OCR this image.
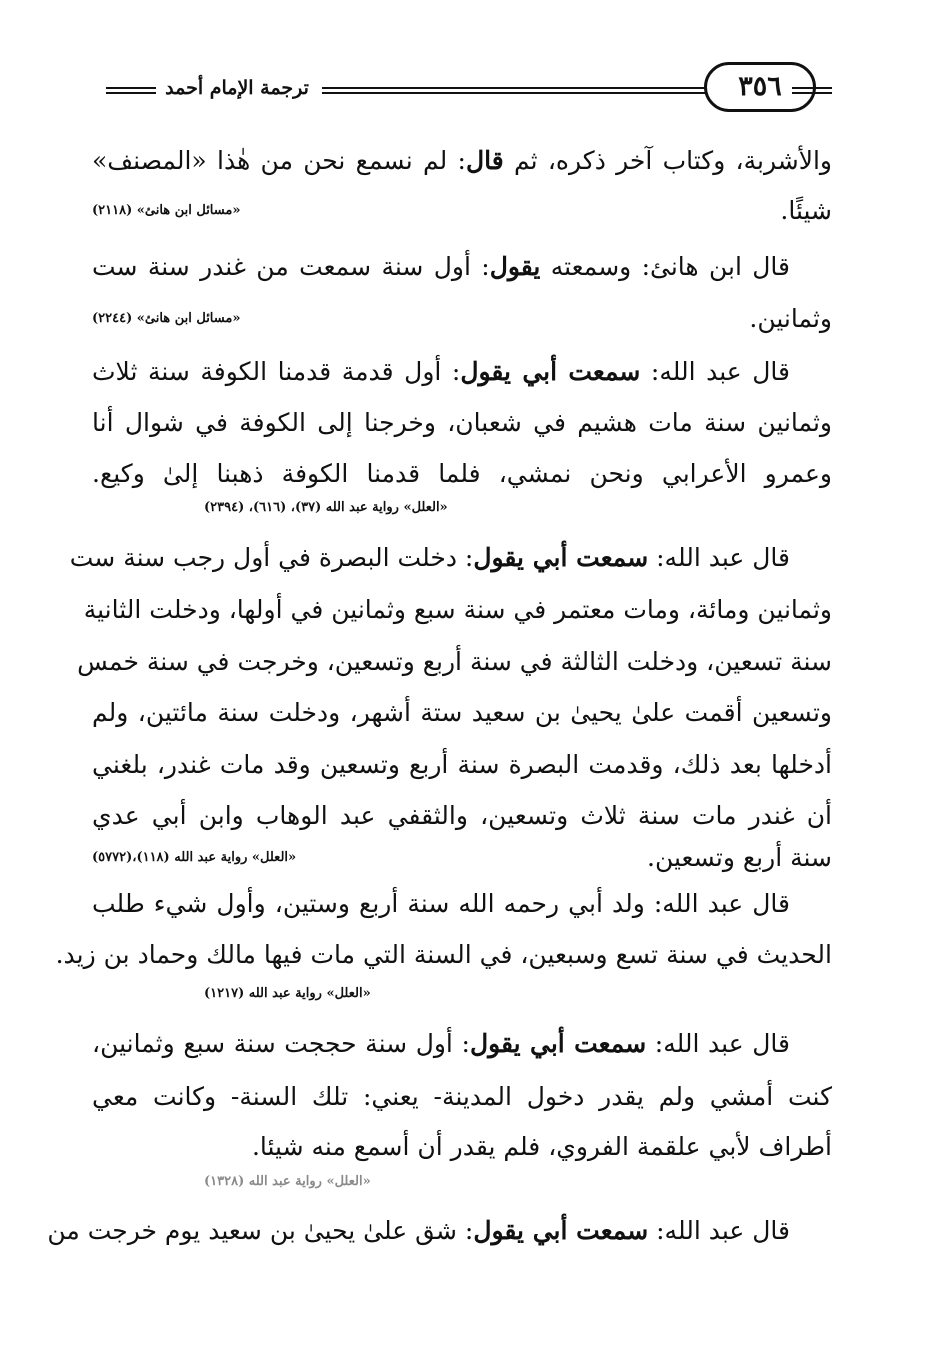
ترجمة الإمام أحمد	٣٥٦
والأشربة، وكتاب آخر ذكره، ثم قال: لم نسمع نحن من هٰذا «المصنف»
شيئًا.
«مسائل ابن هانئ» (٢١١٨)
قال ابن هانئ: وسمعته يقول: أول سنة سمعت من غندر سنة ست
وثمانين.
«مسائل ابن هانئ» (٢٢٤٤)
قال عبد الله: سمعت أبي يقول: أول قدمة قدمنا الكوفة سنة ثلاث
وثمانين سنة مات هشيم في شعبان، وخرجنا إلى الكوفة في شوال أنا
وعمرو الأعرابي ونحن نمشي، فلما قدمنا الكوفة ذهبنا إلىٰ وكيع.
«العلل» رواية عبد الله (٣٧)، (٦١٦)، (٢٣٩٤)
قال عبد الله: سمعت أبي يقول: دخلت البصرة في أول رجب سنة ست
وثمانين ومائة، ومات معتمر في سنة سبع وثمانين في أولها، ودخلت الثانية
سنة تسعين، ودخلت الثالثة في سنة أربع وتسعين، وخرجت في سنة خمس
وتسعين أقمت علىٰ يحيىٰ بن سعيد ستة أشهر، ودخلت سنة مائتين، ولم
أدخلها بعد ذلك، وقدمت البصرة سنة أربع وتسعين وقد مات غندر، بلغني
أن غندر مات سنة ثلاث وتسعين، والثقفي عبد الوهاب وابن أبي عدي
سنة أربع وتسعين.
«العلل» رواية عبد الله (١١٨)،(٥٧٧٢)
قال عبد الله: ولد أبي رحمه الله سنة أربع وستين، وأول شيء طلب
الحديث في سنة تسع وسبعين، في السنة التي مات فيها مالك وحماد بن زيد.
«العلل» رواية عبد الله (١٢١٧)
قال عبد الله: سمعت أبي يقول: أول سنة حججت سنة سبع وثمانين،
كنت أمشي ولم يقدر دخول المدينة- يعني: تلك السنة- وكانت معي
أطراف لأبي علقمة الفروي، فلم يقدر أن أسمع منه شيئا.
«العلل» رواية عبد الله (١٣٢٨)
قال عبد الله: سمعت أبي يقول: شق علىٰ يحيىٰ بن سعيد يوم خرجت من
